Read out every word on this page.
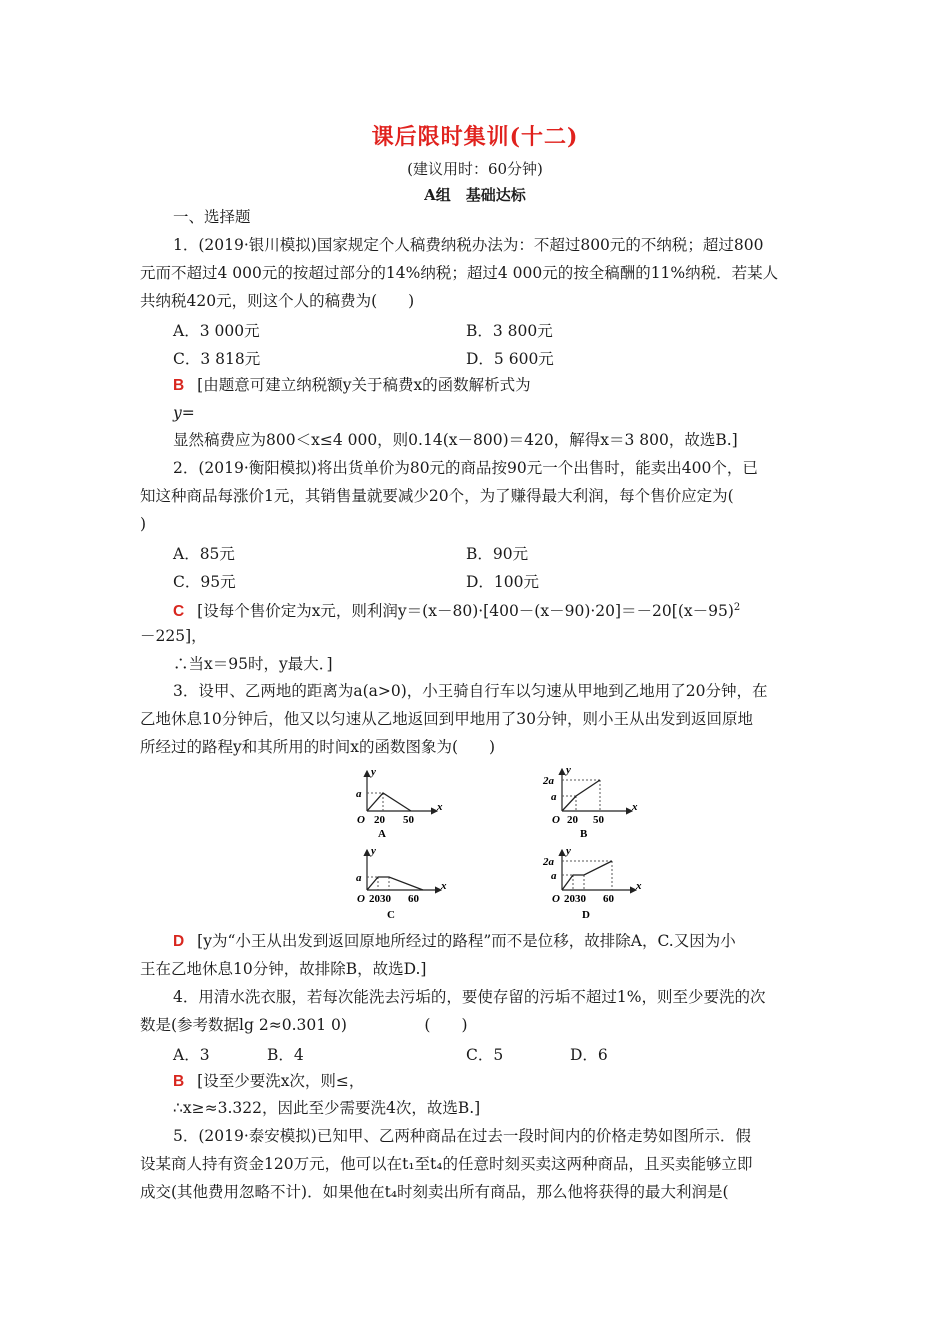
课后限时集训(十二)
(建议用时：60分钟)
A组　基础达标
一、选择题
1．(2019·银川模拟)国家规定个人稿费纳税办法为：不超过800元的不纳税；超过800
元而不超过4 000元的按超过部分的14%纳税；超过4 000元的按全稿酬的11%纳税．若某人
共纳税420元，则这个人的稿费为(　　)
A．3 000元	B．3 800元
C．3 818元	D．5 600元
B [由题意可建立纳税额y关于稿费x的函数解析式为
y=
显然稿费应为800＜x≤4 000，则0.14(x－800)＝420，解得x＝3 800，故选B.]
2．(2019·衡阳模拟)将出货单价为80元的商品按90元一个出售时，能卖出400个，已
知这种商品每涨价1元，其销售量就要减少20个，为了赚得最大利润，每个售价应定为(
)
A．85元	B．90元
C．95元	D．100元
C [设每个售价定为x元，则利润$y=(x-80)\cdot[400-(x-90)\cdot 20]=-20[(x-95)^2$
－225]，
∴当x＝95时，y最大．]
3．设甲、乙两地的距离为a(a>0)，小王骑自行车以匀速从甲地到乙地用了20分钟，在
乙地休息10分钟后，他又以匀速从乙地返回到甲地用了30分钟，则小王从出发到返回原地
所经过的路程y和其所用的时间x的函数图象为(　　)
y
x
a
O 20 50
A
y
x
2a
a
O 20 50
B
y
x
a
O 2030 60
C
y
x
2a
a
O 2030 60
D
D [y为“小王从出发到返回原地所经过的路程”而不是位移，故排除A，C.又因为小
王在乙地休息10分钟，故排除B，故选D.]
4．用清水洗衣服，若每次能洗去污垢的，要使存留的污垢不超过1%，则至少要洗的次
数是(参考数据lg 2≈0.301 0)　　　　　(　　)
A．3	B．4	C．5	D．6
B [设至少要洗x次，则≤，
∴x≥≈3.322，因此至少需要洗4次，故选B.]
5．(2019·泰安模拟)已知甲、乙两种商品在过去一段时间内的价格走势如图所示．假
设某商人持有资金120万元，他可以在t₁至t₄的任意时刻买卖这两种商品，且买卖能够立即
成交(其他费用忽略不计)．如果他在t₄时刻卖出所有商品，那么他将获得的最大利润是(
